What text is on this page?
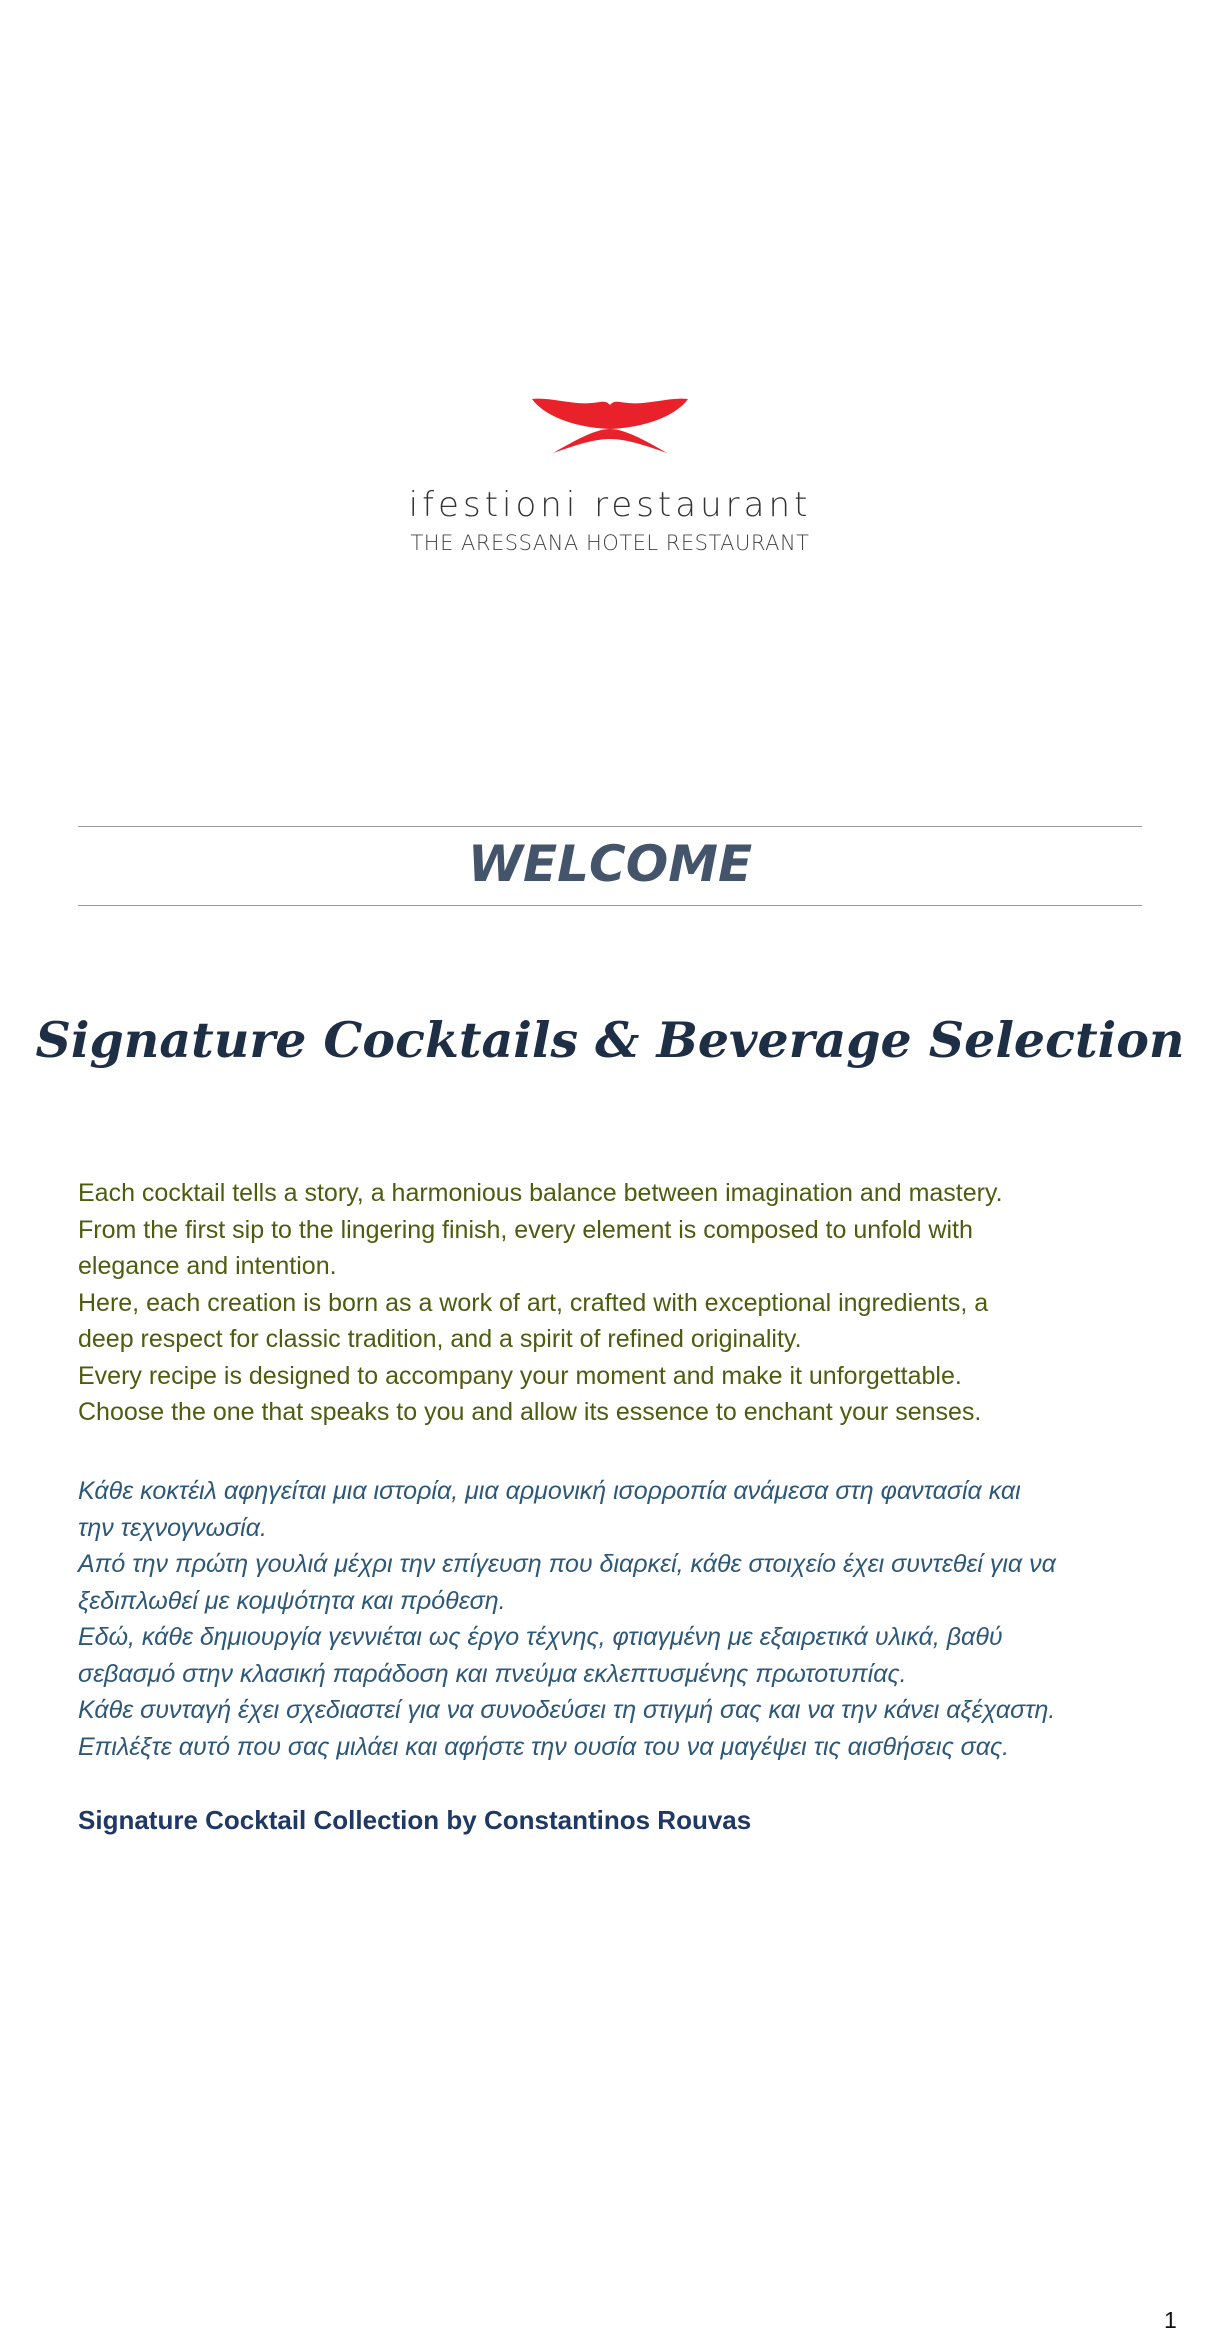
ifestioni restaurant
THE ARESSANA HOTEL RESTAURANT
WELCOME
Signature Cocktails & Beverage Selection

Each cocktail tells a story, a harmonious balance between imagination and mastery.

From the first sip to the lingering finish, every element is composed to unfold with

elegance and intention.

Here, each creation is born as a work of art, crafted with exceptional ingredients, a

deep respect for classic tradition, and a spirit of refined originality.

Every recipe is designed to accompany your moment and make it unforgettable.

Choose the one that speaks to you and allow its essence to enchant your senses.

Κάθε κοκτέιλ αφηγείται μια ιστορία, μια αρμονική ισορροπία ανάμεσα στη φαντασία και

την τεχνογνωσία.

Από την πρώτη γουλιά μέχρι την επίγευση που διαρκεί, κάθε στοιχείο έχει συντεθεί για να

ξεδιπλωθεί με κομψότητα και πρόθεση.

Εδώ, κάθε δημιουργία γεννιέται ως έργο τέχνης, φτιαγμένη με εξαιρετικά υλικά, βαθύ

σεβασμό στην κλασική παράδοση και πνεύμα εκλεπτυσμένης πρωτοτυπίας.

Κάθε συνταγή έχει σχεδιαστεί για να συνοδεύσει τη στιγμή σας και να την κάνει αξέχαστη.

Επιλέξτε αυτό που σας μιλάει και αφήστε την ουσία του να μαγέψει τις αισθήσεις σας.

Signature Cocktail Collection by Constantinos Rouvas
1
